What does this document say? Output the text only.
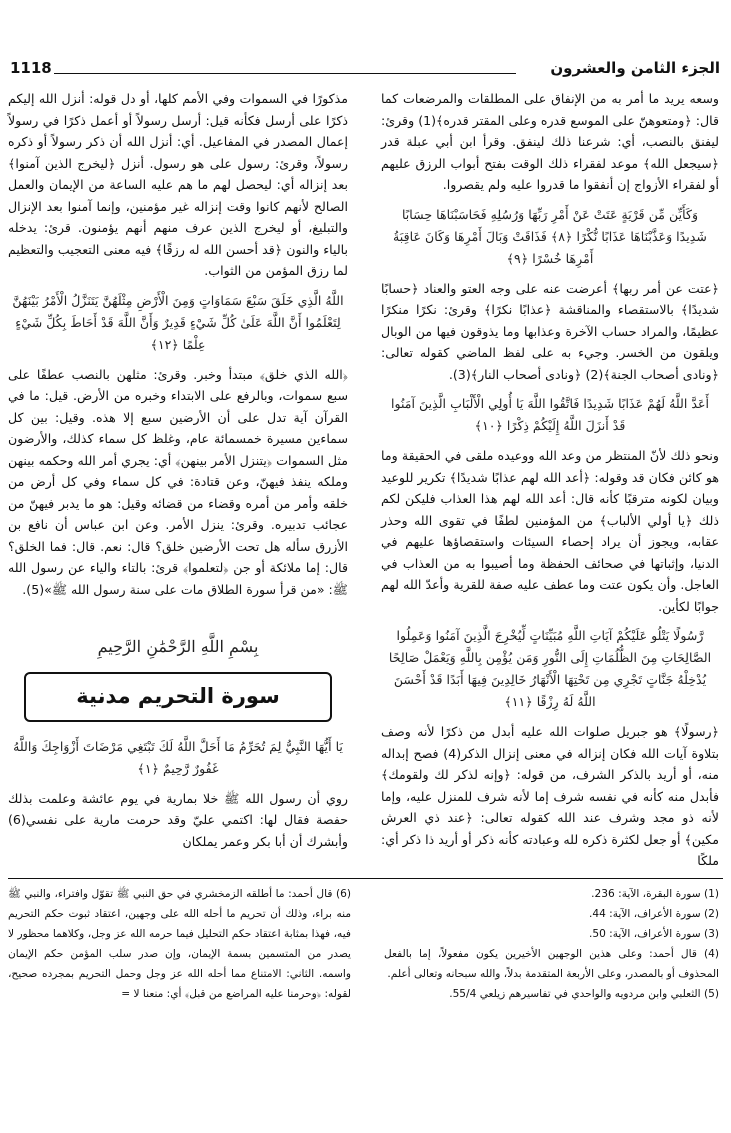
الجزء الثامن والعشرون
1118

وسعه يريد ما أمر به من الإنفاق على المطلقات والمرضعات كما قال: ﴿ومتعوهنّ على الموسع قدره وعلى المقتر قدره﴾(1) وقرئ: ليفنق بالنصب، أي: شرعنا ذلك لينفق. وقرأ ابن أبي عبلة قدر ﴿سيجعل الله﴾ موعد لفقراء ذلك الوقت بفتح أبواب الرزق عليهم أو لفقراء الأزواج إن أنفقوا ما قدروا عليه ولم يقصروا.

وَكَأَيِّن مِّن قَرْيَةٍ عَتَتْ عَنْ أَمْرِ رَبِّهَا وَرُسُلِهِ فَحَاسَبْنَاهَا حِسَابًا شَدِيدًا وَعَذَّبْنَاهَا عَذَابًا نُّكْرًا ﴿٨﴾ فَذَاقَتْ وَبَالَ أَمْرِهَا وَكَانَ عَاقِبَةُ أَمْرِهَا خُسْرًا ﴿٩﴾

﴿عتت عن أمر ربها﴾ أعرضت عنه على وجه العتو والعناد ﴿حسابًا شديدًا﴾ بالاستقصاء والمناقشة ﴿عذابًا نكرًا﴾ وقرئ: نكرًا منكرًا عظيمًا، والمراد حساب الآخرة وعذابها وما يذوقون فيها من الوبال ويلقون من الخسر. وجيء به على لفظ الماضي كقوله تعالى: ﴿ونادى أصحاب الجنة﴾(2) ﴿ونادى أصحاب النار﴾(3).

أَعَدَّ اللَّهُ لَهُمْ عَذَابًا شَدِيدًا فَاتَّقُوا اللَّهَ يَا أُولِي الْأَلْبَابِ الَّذِينَ آمَنُوا قَدْ أَنزَلَ اللَّهُ إِلَيْكُمْ ذِكْرًا ﴿١٠﴾

ونحو ذلك لأنّ المنتظر من وعد الله ووعيده ملقى في الحقيقة وما هو كائن فكان قد وقوله: ﴿أعد الله لهم عذابًا شديدًا﴾ تكرير للوعيد وبيان لكونه مترقبًا كأنه قال: أعد الله لهم هذا العذاب فليكن لكم ذلك ﴿يا أولي الألباب﴾ من المؤمنين لطفًا في تقوى الله وحذر عقابه، ويجوز أن يراد إحصاء السيئات واستقصاؤها عليهم في الدنيا، وإثباتها في صحائف الحفظة وما أصيبوا به من العذاب في العاجل. وأن يكون عتت وما عطف عليه صفة للقرية وأعدّ الله لهم جوابًا لكأين.

رَّسُولًا يَتْلُو عَلَيْكُمْ آيَاتِ اللَّهِ مُبَيِّنَاتٍ لِّيُخْرِجَ الَّذِينَ آمَنُوا وَعَمِلُوا الصَّالِحَاتِ مِنَ الظُّلُمَاتِ إِلَى النُّورِ وَمَن يُؤْمِن بِاللَّهِ وَيَعْمَلْ صَالِحًا يُدْخِلْهُ جَنَّاتٍ تَجْرِي مِن تَحْتِهَا الْأَنْهَارُ خَالِدِينَ فِيهَا أَبَدًا قَدْ أَحْسَنَ اللَّهُ لَهُ رِزْقًا ﴿١١﴾

﴿رسولًا﴾ هو جبريل صلوات الله عليه أبدل من ذكرًا لأنه وصف بتلاوة آيات الله فكان إنزاله في معنى إنزال الذكر(4) فصح إبداله منه، أو أريد بالذكر الشرف، من قوله: ﴿وإنه لذكر لك ولقومك﴾ فأبدل منه كأنه في نفسه شرف إما لأنه شرف للمنزل عليه، وإما لأنه ذو مجد وشرف عند الله كقوله تعالى: ﴿عند ذي العرش مكين﴾ أو جعل لكثرة ذكره لله وعبادته كأنه ذكر أو أريد ذا ذكر أي: ملكًا

مذكورًا في السموات وفي الأمم كلها، أو دل قوله: أنزل الله إليكم ذكرًا على أرسل فكأنه قيل: أرسل رسولاً أو أعمل ذكرًا في رسولاً إعمال المصدر في المفاعيل. أي: أنزل الله أن ذكر رسولاً أو ذكره رسولاً، وقرئ: رسول على هو رسول. أنزل ﴿ليخرج الذين آمنوا﴾ بعد إنزاله أي: ليحصل لهم ما هم عليه الساعة من الإيمان والعمل الصالح لأنهم كانوا وقت إنزاله غير مؤمنين، وإنما آمنوا بعد الإنزال والتبليغ، أو ليخرج الذين عرف منهم أنهم يؤمنون. قرئ: يدخله بالياء والنون ﴿قد أحسن الله له رزقًا﴾ فيه معنى التعجيب والتعظيم لما رزق المؤمن من الثواب.

اللَّهُ الَّذِي خَلَقَ سَبْعَ سَمَاوَاتٍ وَمِنَ الْأَرْضِ مِثْلَهُنَّ يَتَنَزَّلُ الْأَمْرُ بَيْنَهُنَّ لِتَعْلَمُوا أَنَّ اللَّهَ عَلَىٰ كُلِّ شَيْءٍ قَدِيرٌ وَأَنَّ اللَّهَ قَدْ أَحَاطَ بِكُلِّ شَيْءٍ عِلْمًا ﴿١٢﴾

﴿الله الذي خلق﴾ مبتدأ وخبر. وقرئ: مثلهن بالنصب عطفًا على سبع سموات، وبالرفع على الابتداء وخبره من الأرض. قيل: ما في القرآن آية تدل على أن الأرضين سبع إلا هذه. وقيل: بين كل سماءين مسيرة خمسمائة عام، وغلظ كل سماء كذلك، والأرضون مثل السموات ﴿يتنزل الأمر بينهن﴾ أي: يجري أمر الله وحكمه بينهن وملكه ينفذ فيهنّ، وعن قتادة: في كل سماء وفي كل أرض من خلقه وأمر من أمره وقضاء من قضائه وقيل: هو ما يدبر فيهنّ من عجائب تدبيره. وقرئ: ينزل الأمر. وعن ابن عباس أن نافع بن الأزرق سأله هل تحت الأرضين خلق؟ قال: نعم. قال: فما الخلق؟ قال: إما ملائكة أو جن ﴿لتعلموا﴾ قرئ: بالتاء والياء عن رسول الله ﷺ: «من قرأ سورة الطلاق مات على سنة رسول الله ﷺ»(5).

بِسْمِ اللَّهِ الرَّحْمَٰنِ الرَّحِيمِ

سورة التحريم مدنية

يَا أَيُّهَا النَّبِيُّ لِمَ تُحَرِّمُ مَا أَحَلَّ اللَّهُ لَكَ تَبْتَغِي مَرْضَاتَ أَزْوَاجِكَ وَاللَّهُ غَفُورٌ رَّحِيمٌ ﴿١﴾

روي أن رسول الله ﷺ خلا بمارية في يوم عائشة وعلمت بذلك حفصة فقال لها: اكتمي عليّ وقد حرمت مارية على نفسي(6) وأبشرك أن أبا بكر وعمر يملكان

(1) سورة البقرة، الآية: 236.

(2) سورة الأعراف، الآية: 44.

(3) سورة الأعراف، الآية: 50.

(4) قال أحمد: وعلى هذين الوجهين الأخيرين يكون مفعولاً، إما بالفعل المحذوف أو بالمصدر، وعلى الأربعة المتقدمة بدلاً، والله سبحانه وتعالى أعلم.

(5) الثعلبي وابن مردويه والواحدي في تفاسيرهم زيلعي 55/4.

(6) قال أحمد: ما أطلقه الزمخشري في حق النبي ﷺ تقوّل وافتراء، والنبي ﷺ منه براء، وذلك أن تحريم ما أحله الله على وجهين، اعتقاد ثبوت حكم التحريم فيه، فهذا بمثابة اعتقاد حكم التحليل فيما حرمه الله عز وجل، وكلاهما محظور لا يصدر من المتسمين بسمة الإيمان، وإن صدر سلب المؤمن حكم الإيمان واسمه. الثاني: الامتناع مما أحله الله عز وجل وحمل التحريم بمجرده صحيح، لقوله: ﴿وحرمنا عليه المراضع من قبل﴾ أي: منعنا لا =
